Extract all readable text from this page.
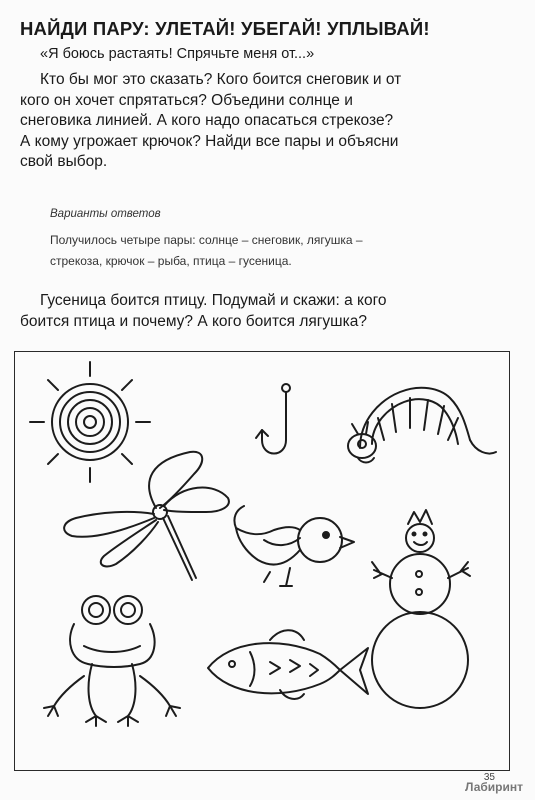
НАЙДИ ПАРУ: УЛЕТАЙ! УБЕГАЙ! УПЛЫВАЙ!
«Я боюсь растаять! Спрячьте меня от...»
Кто бы мог это сказать? Кого боится снеговик и от
кого он хочет спрятаться? Объедини солнце и
снеговика линией. А кого надо опасаться стрекозе?
А кому угрожает крючок? Найди все пары и объясни
свой выбор.
Варианты ответов
Получилось четыре пары: солнце – снеговик, лягушка –
стрекоза, крючок – рыба, птица – гусеница.
Гусеница боится птицу. Подумай и скажи: а кого
боится птица и почему? А кого боится лягушка?
35
Лабиринт
